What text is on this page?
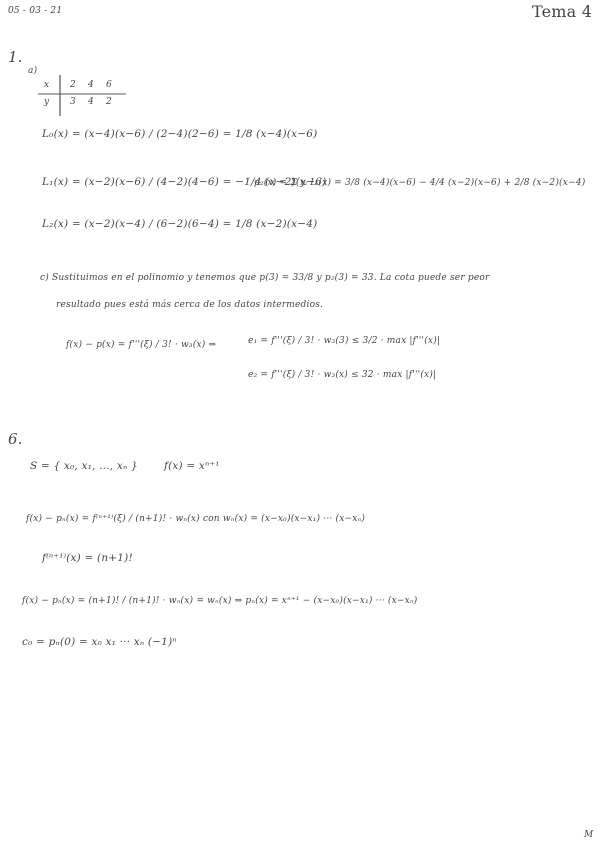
05 - 03 - 21	Tema 4
1.
a)
x 2 4 6
y 3 4 2
L₀(x) = (x−4)(x−6) / (2−4)(2−6) = 1/8 (x−4)(x−6)
L₁(x) = (x−2)(x−6) / (4−2)(4−6) = −1/4 (x−2)(x−6)
L₂(x) = (x−2)(x−4) / (6−2)(6−4) = 1/8 (x−2)(x−4)
p₂(x) = Σ yᵢ Lᵢ(x) = 3/8 (x−4)(x−6) − 4/4 (x−2)(x−6) + 2/8 (x−2)(x−4)
c) Sustituimos en el polinomio y tenemos que p(3) = 33/8 y p₂(3) = 33. La cota puede ser peor
resultado pues está más cerca de los datos intermedios.
f(x) − p(x) = f'''(ξ) / 3! · w₃(x) ⇒	e₁ = f'''(ξ) / 3! · w₃(3) ≤ 3/2 · max |f'''(x)|
e₂ = f'''(ξ) / 3! · w₃(x) ≤ 32 · max |f'''(x)|
6.
S = { x₀, x₁, …, xₙ } f(x) = xⁿ⁺¹
f(x) − pₙ(x) = f⁽ⁿ⁺¹⁾(ξ) / (n+1)! · wₙ(x) con wₙ(x) = (x−x₀)(x−x₁) ··· (x−xₙ)
f⁽ⁿ⁺¹⁾(x) = (n+1)!
f(x) − pₙ(x) = (n+1)! / (n+1)! · wₙ(x) = wₙ(x) ⇒ pₙ(x) = xⁿ⁺¹ − (x−x₀)(x−x₁) ··· (x−xₙ)
c₀ = pₙ(0) = x₀ x₁ ··· xₙ (−1)ⁿ
M
